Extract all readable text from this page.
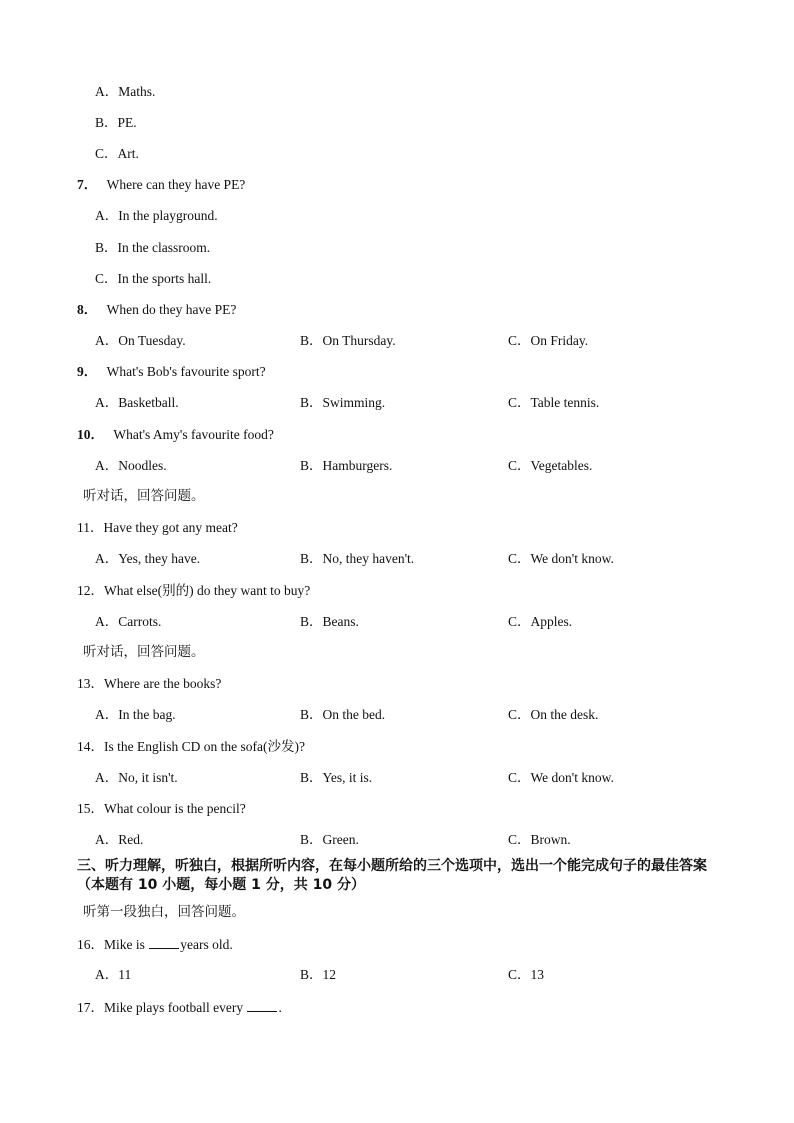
A．Maths.
B．PE.
C．Art.
7． Where can they have PE?
A．In the playground.
B．In the classroom.
C．In the sports hall.
8． When do they have PE?
A．On Tuesday.	B．On Thursday.	C．On Friday.
9． What's Bob's favourite sport?
A．Basketball.	B．Swimming.	C．Table tennis.
10． What's Amy's favourite food?
A．Noodles.	B．Hamburgers.	C．Vegetables.
听对话，回答问题。
11．Have they got any meat?
A．Yes, they have.	B．No, they haven't.	C．We don't know.
12．What else(别的) do they want to buy?
A．Carrots.	B．Beans.	C．Apples.
听对话，回答问题。
13．Where are the books?
A．In the bag.	B．On the bed.	C．On the desk.
14．Is the English CD on the sofa(沙发)?
A．No, it isn't.	B．Yes, it is.	C．We don't know.
15．What colour is the pencil?
A．Red.	B．Green.	C．Brown.
三、听力理解，听独白，根据所听内容，在每小题所给的三个选项中，选出一个能完成句子的最佳答案（本题有 10 小题，每小题 1 分，共 10 分）
听第一段独白，回答问题。
16．Mike is years old.
A．11	B．12	C．13
17．Mike plays football every .
